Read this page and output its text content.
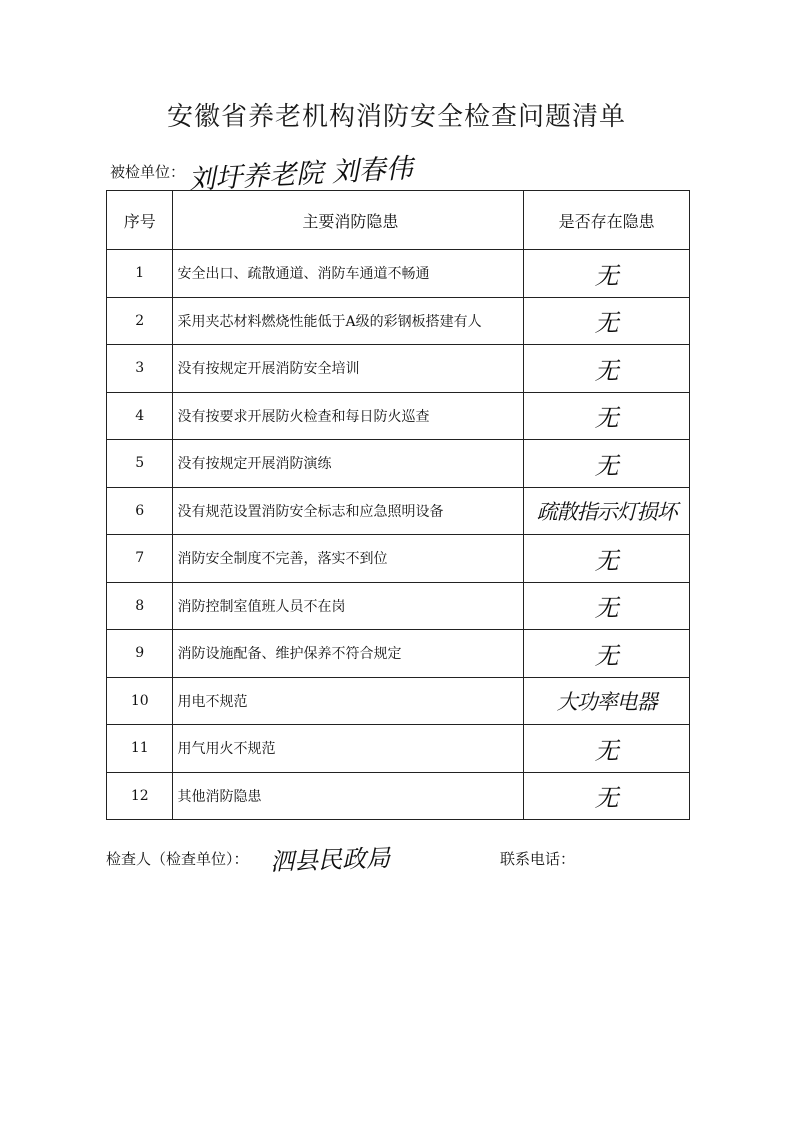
安徽省养老机构消防安全检查问题清单
被检单位： 刘圩养老院 刘春伟
序号	主要消防隐患	是否存在隐患
1	安全出口、疏散通道、消防车通道不畅通	无
2	采用夹芯材料燃烧性能低于A级的彩钢板搭建有人	无
3	没有按规定开展消防安全培训	无
4	没有按要求开展防火检查和每日防火巡查	无
5	没有按规定开展消防演练	无
6	没有规范设置消防安全标志和应急照明设备	疏散指示灯损坏
7	消防安全制度不完善，落实不到位	无
8	消防控制室值班人员不在岗	无
9	消防设施配备、维护保养不符合规定	无
10	用电不规范	大功率电器
11	用气用火不规范	无
12	其他消防隐患	无
检查人（检查单位）： 泗县民政局	联系电话：
